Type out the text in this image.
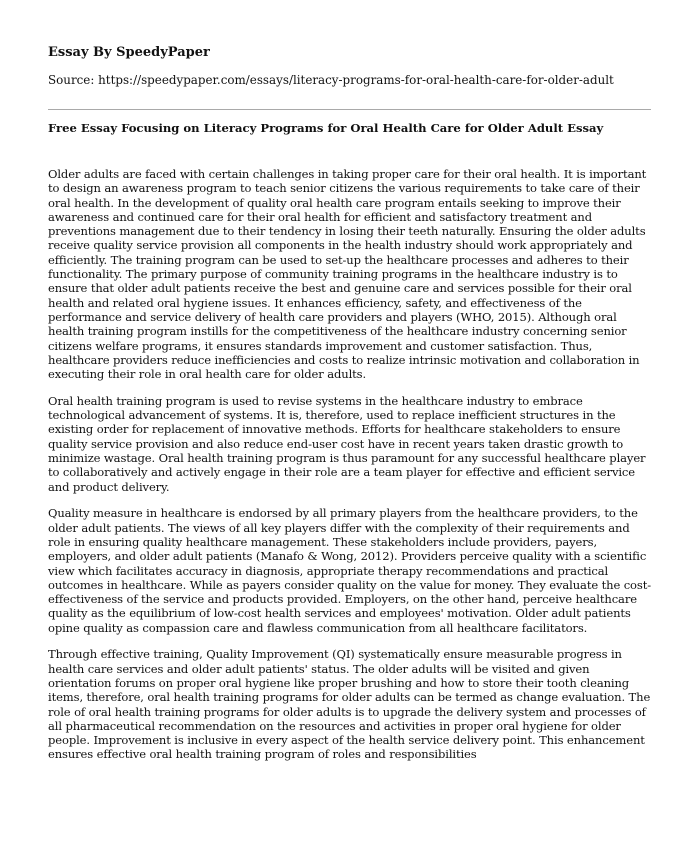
Essay By SpeedyPaper
Source: https://speedypaper.com/essays/literacy-programs-for-oral-health-care-for-older-adult
Free Essay Focusing on Literacy Programs for Oral Health Care for Older Adult Essay

Older adults are faced with certain challenges in taking proper care for their oral health. It is important to design an awareness program to teach senior citizens the various requirements to take care of their oral health. In the development of quality oral health care program entails seeking to improve their awareness and continued care for their oral health for efficient and satisfactory treatment and preventions management due to their tendency in losing their teeth naturally. Ensuring the older adults receive quality service provision all components in the health industry should work appropriately and efficiently. The training program can be used to set-up the healthcare processes and adheres to their functionality. The primary purpose of community training programs in the healthcare industry is to ensure that older adult patients receive the best and genuine care and services possible for their oral health and related oral hygiene issues. It enhances efficiency, safety, and effectiveness of the performance and service delivery of health care providers and players (WHO, 2015). Although oral health training program instills for the competitiveness of the healthcare industry concerning senior citizens welfare programs, it ensures standards improvement and customer satisfaction. Thus, healthcare providers reduce inefficiencies and costs to realize intrinsic motivation and collaboration in executing their role in oral health care for older adults.

Oral health training program is used to revise systems in the healthcare industry to embrace technological advancement of systems. It is, therefore, used to replace inefficient structures in the existing order for replacement of innovative methods. Efforts for healthcare stakeholders to ensure quality service provision and also reduce end-user cost have in recent years taken drastic growth to minimize wastage. Oral health training program is thus paramount for any successful healthcare player to collaboratively and actively engage in their role are a team player for effective and efficient service and product delivery.

Quality measure in healthcare is endorsed by all primary players from the healthcare providers, to the older adult patients. The views of all key players differ with the complexity of their requirements and role in ensuring quality healthcare management. These stakeholders include providers, payers, employers, and older adult patients (Manafo & Wong, 2012). Providers perceive quality with a scientific view which facilitates accuracy in diagnosis, appropriate therapy recommendations and practical outcomes in healthcare. While as payers consider quality on the value for money. They evaluate the cost-effectiveness of the service and products provided. Employers, on the other hand, perceive healthcare quality as the equilibrium of low-cost health services and employees' motivation. Older adult patients opine quality as compassion care and flawless communication from all healthcare facilitators.

Through effective training, Quality Improvement (QI) systematically ensure measurable progress in health care services and older adult patients' status. The older adults will be visited and given orientation forums on proper oral hygiene like proper brushing and how to store their tooth cleaning items, therefore, oral health training programs for older adults can be termed as change evaluation. The role of oral health training programs for older adults is to upgrade the delivery system and processes of all pharmaceutical recommendation on the resources and activities in proper oral hygiene for older people. Improvement is inclusive in every aspect of the health service delivery point. This enhancement ensures effective oral health training program of roles and responsibilities
